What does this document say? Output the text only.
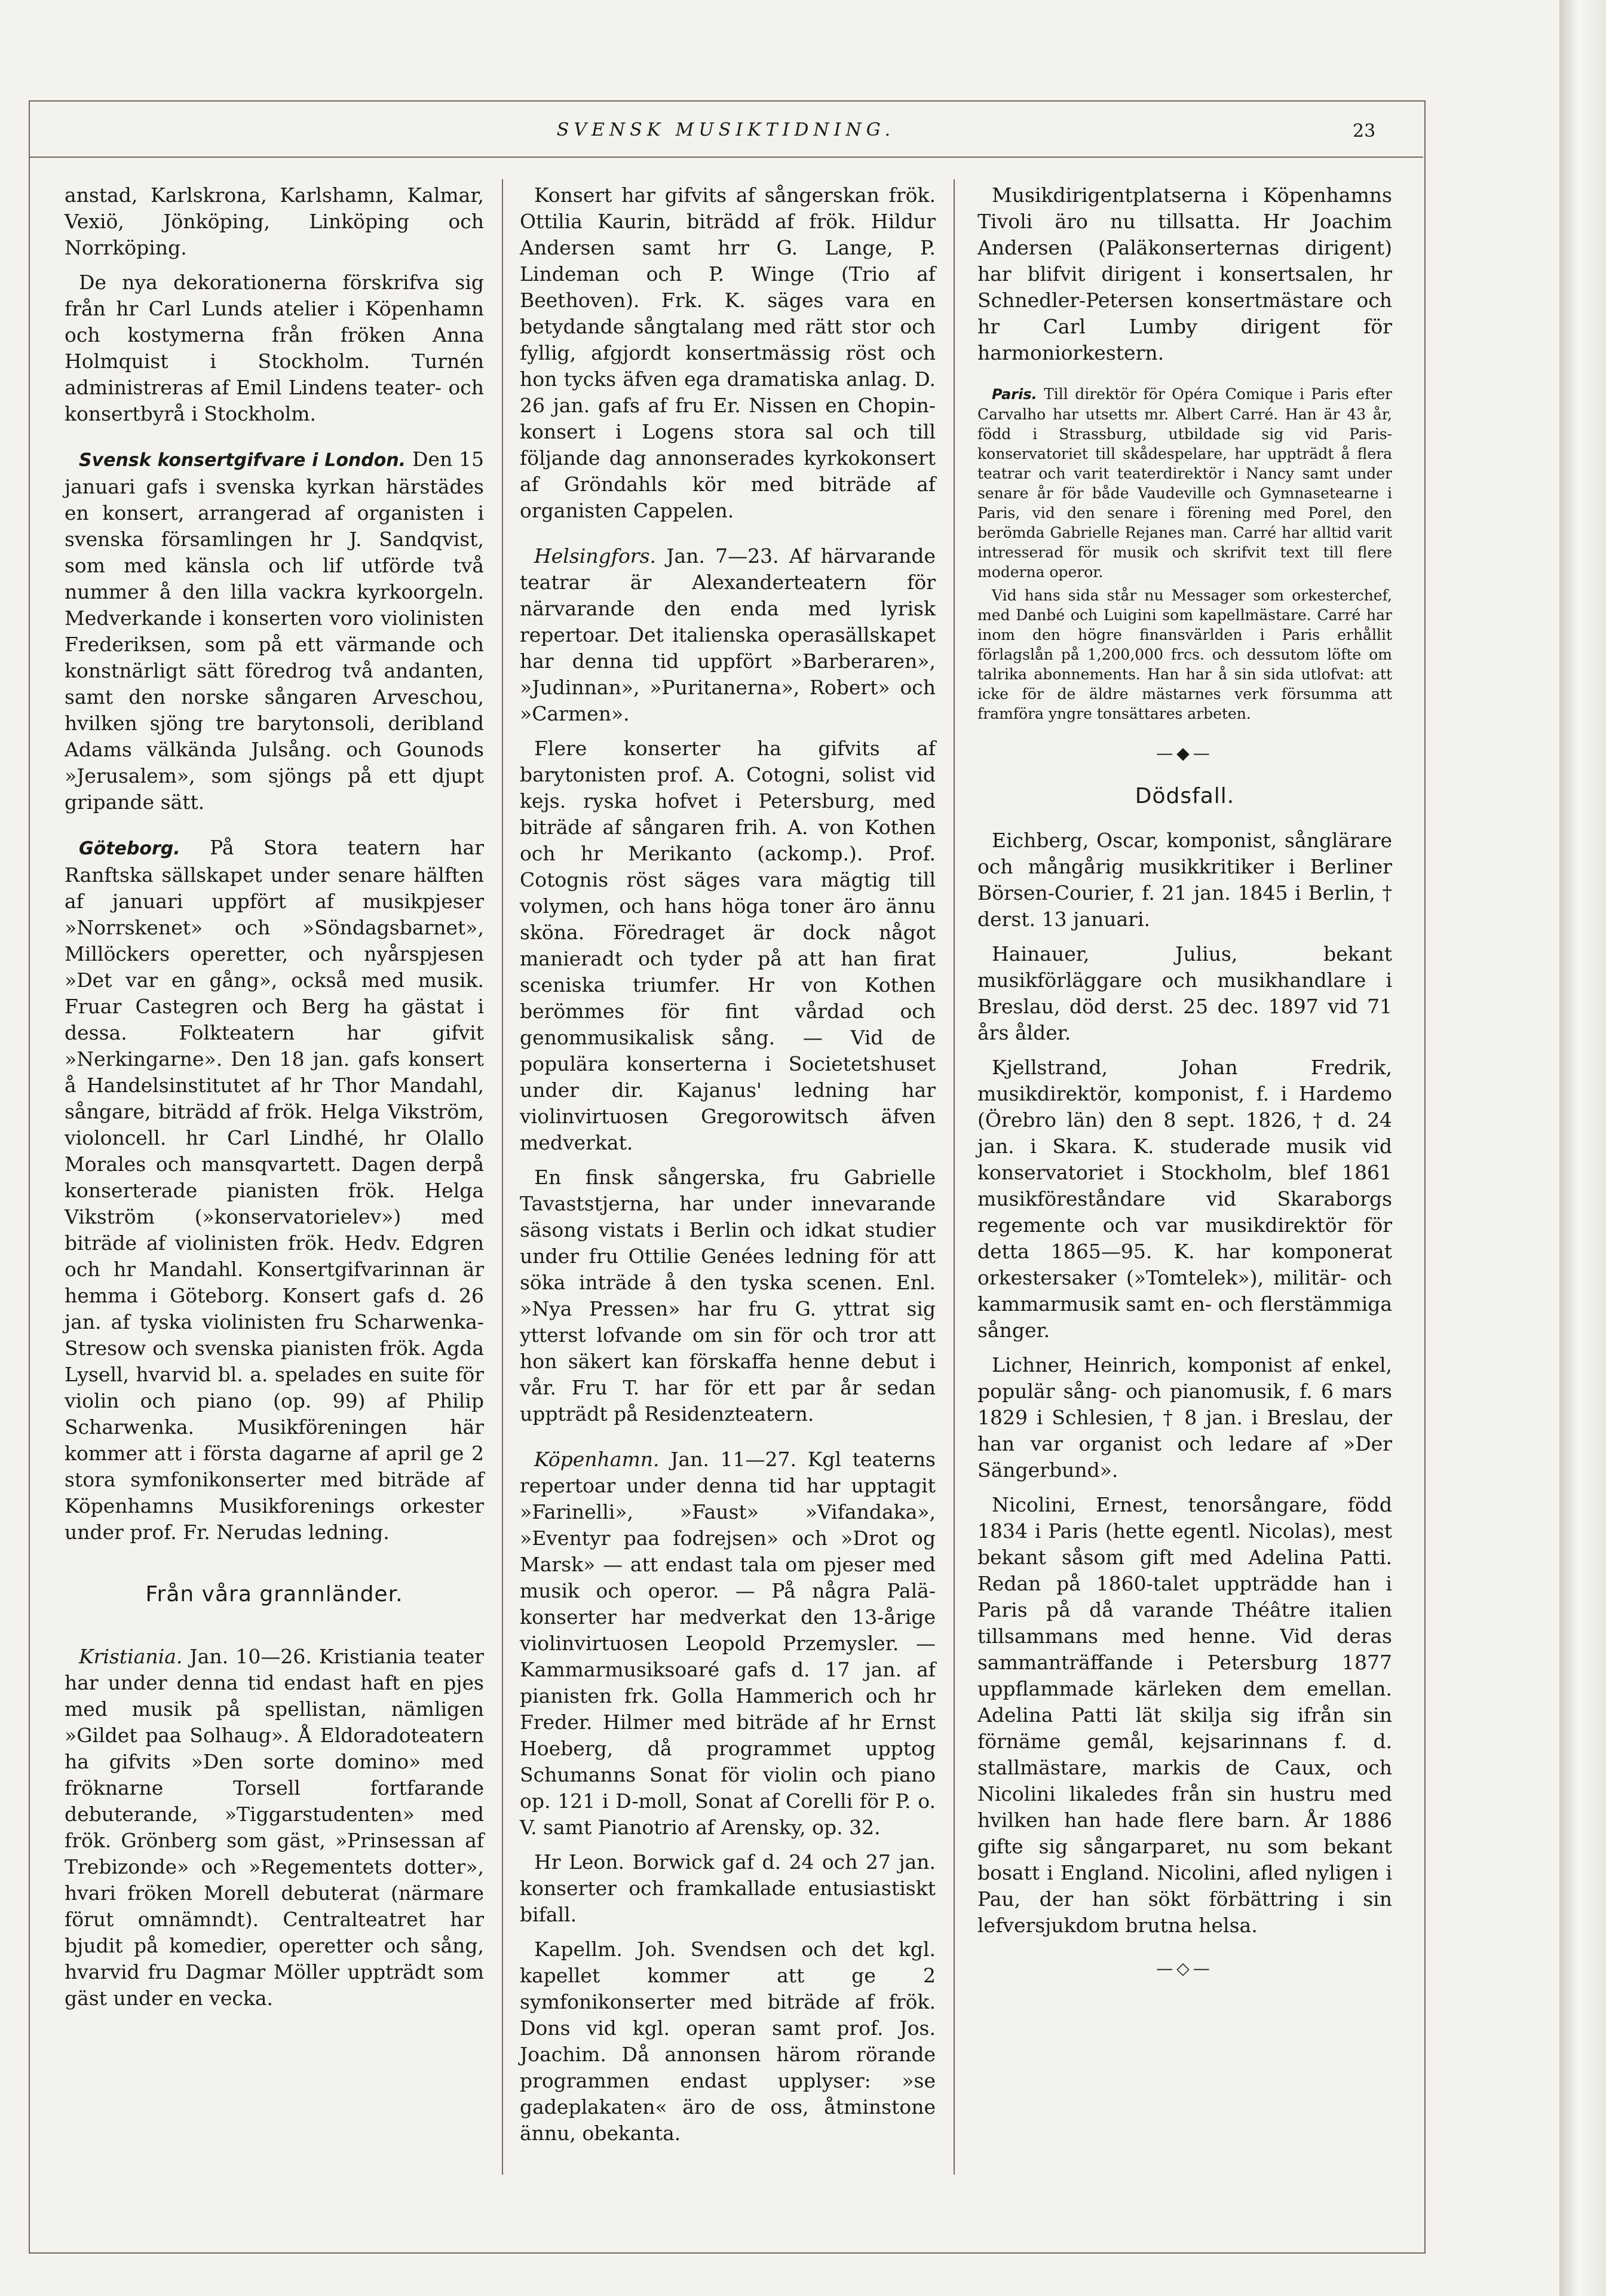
SVENSK MUSIKTIDNING.	23

anstad, Karlskrona, Karlshamn, Kalmar, Vexiö, Jönköping, Linköping och Norrköping.

De nya dekorationerna förskrifva sig från hr Carl Lunds atelier i Köpenhamn och kostymerna från fröken Anna Holmquist i Stockholm. Turnén administreras af Emil Lindens teater- och konsertbyrå i Stockholm.

Svensk konsertgifvare i London. Den 15 januari gafs i svenska kyrkan härstädes en konsert, arrangerad af organisten i svenska församlingen hr J. Sandqvist, som med känsla och lif utförde två nummer å den lilla vackra kyrkoorgeln. Medverkande i konserten voro violinisten Frederiksen, som på ett värmande och konstnärligt sätt föredrog två andanten, samt den norske sångaren Arveschou, hvilken sjöng tre barytonsoli, deribland Adams välkända Julsång. och Gounods »Jerusalem», som sjöngs på ett djupt gripande sätt.

Göteborg. På Stora teatern har Ranftska sällskapet under senare hälften af januari uppfört af musikpjeser »Norrskenet» och »Söndagsbarnet», Millöckers operetter, och nyårspjesen »Det var en gång», också med musik. Fruar Castegren och Berg ha gästat i dessa. Folkteatern har gifvit »Nerkingarne». Den 18 jan. gafs konsert å Handelsinstitutet af hr Thor Mandahl, sångare, biträdd af frök. Helga Vikström, violoncell. hr Carl Lindhé, hr Olallo Morales och mansqvartett. Dagen derpå konserterade pianisten frök. Helga Vikström (»konservatorielev») med biträde af violinisten frök. Hedv. Edgren och hr Mandahl. Konsertgifvarinnan är hemma i Göteborg. Konsert gafs d. 26 jan. af tyska violinisten fru Scharwenka-Stresow och svenska pianisten frök. Agda Lysell, hvarvid bl. a. spelades en suite för violin och piano (op. 99) af Philip Scharwenka. Musikföreningen här kommer att i första dagarne af april ge 2 stora symfonikonserter med biträde af Köpenhamns Musikforenings orkester under prof. Fr. Nerudas ledning.

Från våra grannländer.

Kristiania. Jan. 10—26. Kristiania teater har under denna tid endast haft en pjes med musik på spellistan, nämligen »Gildet paa Solhaug». Å Eldoradoteatern ha gifvits »Den sorte domino» med fröknarne Torsell fortfarande debuterande, »Tiggarstudenten» med frök. Grönberg som gäst, »Prinsessan af Trebizonde» och »Regementets dotter», hvari fröken Morell debuterat (närmare förut omnämndt). Centralteatret har bjudit på komedier, operetter och sång, hvarvid fru Dagmar Möller uppträdt som gäst under en vecka.

Konsert har gifvits af sångerskan frök. Ottilia Kaurin, biträdd af frök. Hildur Andersen samt hrr G. Lange, P. Lindeman och P. Winge (Trio af Beethoven). Frk. K. säges vara en betydande sångtalang med rätt stor och fyllig, afgjordt konsertmässig röst och hon tycks äfven ega dramatiska anlag. D. 26 jan. gafs af fru Er. Nissen en Chopin-konsert i Logens stora sal och till följande dag annonserades kyrkokonsert af Gröndahls kör med biträde af organisten Cappelen.

Helsingfors. Jan. 7—23. Af härvarande teatrar är Alexanderteatern för närvarande den enda med lyrisk repertoar. Det italienska operasällskapet har denna tid uppfört »Barberaren», »Judinnan», »Puritanerna», Robert» och »Carmen».

Flere konserter ha gifvits af barytonisten prof. A. Cotogni, solist vid kejs. ryska hofvet i Petersburg, med biträde af sångaren frih. A. von Kothen och hr Merikanto (ackomp.). Prof. Cotognis röst säges vara mägtig till volymen, och hans höga toner äro ännu sköna. Föredraget är dock något manieradt och tyder på att han firat sceniska triumfer. Hr von Kothen berömmes för fint vårdad och genommusikalisk sång. — Vid de populära konserterna i Societetshuset under dir. Kajanus' ledning har violinvirtuosen Gregorowitsch äfven medverkat.

En finsk sångerska, fru Gabrielle Tavaststjerna, har under innevarande säsong vistats i Berlin och idkat studier under fru Ottilie Genées ledning för att söka inträde å den tyska scenen. Enl. »Nya Pressen» har fru G. yttrat sig ytterst lofvande om sin för och tror att hon säkert kan förskaffa henne debut i vår. Fru T. har för ett par år sedan uppträdt på Residenzteatern.

Köpenhamn. Jan. 11—27. Kgl teaterns repertoar under denna tid har upptagit »Farinelli», »Faust» »Vifandaka», »Eventyr paa fodrejsen» och »Drot og Marsk» — att endast tala om pjeser med musik och operor. — På några Palä-konserter har medverkat den 13-årige violinvirtuosen Leopold Przemysler. — Kammarmusiksoaré gafs d. 17 jan. af pianisten frk. Golla Hammerich och hr Freder. Hilmer med biträde af hr Ernst Hoeberg, då programmet upptog Schumanns Sonat för violin och piano op. 121 i D-moll, Sonat af Corelli för P. o. V. samt Pianotrio af Arensky, op. 32.

Hr Leon. Borwick gaf d. 24 och 27 jan. konserter och framkallade entusiastiskt bifall.

Kapellm. Joh. Svendsen och det kgl. kapellet kommer att ge 2 symfonikonserter med biträde af frök. Dons vid kgl. operan samt prof. Jos. Joachim. Då annonsen härom rörande programmen endast upplyser: »se gadeplakaten« äro de oss, åtminstone ännu, obekanta.

Musikdirigentplatserna i Köpenhamns Tivoli äro nu tillsatta. Hr Joachim Andersen (Paläkonserternas dirigent) har blifvit dirigent i konsertsalen, hr Schnedler-Petersen konsertmästare och hr Carl Lumby dirigent för harmoniorkestern.

Paris. Till direktör för Opéra Comique i Paris efter Carvalho har utsetts mr. Albert Carré. Han är 43 år, född i Strassburg, utbildade sig vid Paris-konservatoriet till skådespelare, har uppträdt å flera teatrar och varit teaterdirektör i Nancy samt under senare år för både Vaudeville och Gymnasetearne i Paris, vid den senare i förening med Porel, den berömda Gabrielle Rejanes man. Carré har alltid varit intresserad för musik och skrifvit text till flere moderna operor.

Vid hans sida står nu Messager som orkesterchef, med Danbé och Luigini som kapellmästare. Carré har inom den högre finansvärlden i Paris erhållit förlagslån på 1,200,000 frcs. och dessutom löfte om talrika abonnements. Han har å sin sida utlofvat: att icke för de äldre mästarnes verk försumma att framföra yngre tonsättares arbeten.

—◆—
Dödsfall.

Eichberg, Oscar, komponist, sånglärare och mångårig musikkritiker i Berliner Börsen-Courier, f. 21 jan. 1845 i Berlin, † derst. 13 januari.

Hainauer, Julius, bekant musikförläggare och musikhandlare i Breslau, död derst. 25 dec. 1897 vid 71 års ålder.

Kjellstrand, Johan Fredrik, musikdirektör, komponist, f. i Hardemo (Örebro län) den 8 sept. 1826, † d. 24 jan. i Skara. K. studerade musik vid konservatoriet i Stockholm, blef 1861 musikföreståndare vid Skaraborgs regemente och var musikdirektör för detta 1865—95. K. har komponerat orkestersaker (»Tomtelek»), militär- och kammarmusik samt en- och flerstämmiga sånger.

Lichner, Heinrich, komponist af enkel, populär sång- och pianomusik, f. 6 mars 1829 i Schlesien, † 8 jan. i Breslau, der han var organist och ledare af »Der Sängerbund».

Nicolini, Ernest, tenorsångare, född 1834 i Paris (hette egentl. Nicolas), mest bekant såsom gift med Adelina Patti. Redan på 1860-talet uppträdde han i Paris på då varande Théâtre italien tillsammans med henne. Vid deras sammanträffande i Petersburg 1877 uppflammade kärleken dem emellan. Adelina Patti lät skilja sig ifrån sin förnäme gemål, kejsarinnans f. d. stallmästare, markis de Caux, och Nicolini likaledes från sin hustru med hvilken han hade flere barn. År 1886 gifte sig sångarparet, nu som bekant bosatt i England. Nicolini, afled nyligen i Pau, der han sökt förbättring i sin lefversjukdom brutna helsa.

—◇—
